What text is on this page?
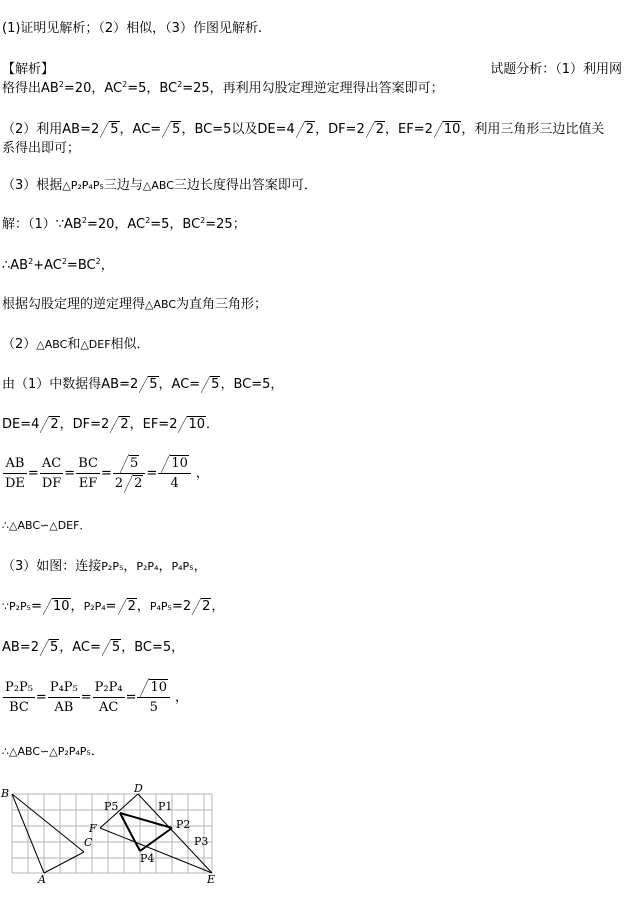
(1)证明见解析；（2）相似，（3）作图见解析.
【解析】	试题分析：（1）利用网
格得出$AB^2=20$，$AC^2=5$，$BC^2=25$，再利用勾股定理逆定理得出答案即可；
（2）利用AB=2 5，AC= 5，BC=5以及DE=4 2，DF=2 2，EF=2 10，利用三角形三边比值关
系得出即可；
（3）根据△P₂P₄P₅三边与△ABC三边长度得出答案即可．
解：$(1)\because AB^2=20$，$AC^2=5$，$BC^2=25$；
$\therefore AB^2+AC^2=BC^2$，
根据勾股定理的逆定理得△ABC为直角三角形；
（2）△ABC和△DEF相似．
由（1）中数据得AB=2 5，AC= 5，BC=5，
DE=4 2，DF=2 2，EF=2 10．
$\frac{AB}{DE} = \frac{AC}{DF} = \frac{BC}{EF} = \frac{5}{2 2} = \frac{10}{4}$ ，
∴△ABC∽△DEF．
（3）如图：连接P₂P₅，P₂P₄，P₄P₅，
∵P₂P₅= 10，P₂P₄= 2，P₄P₅=2 2，
AB=2 5，AC= 5，BC=5，
$\frac{\text{P₂P₅}}{BC} = \frac{\text{P₄P₅}}{AB} = \frac{\text{P₂P₄}}{AC} = \frac{10}{5}$ ，
∴△ABC∽△P₂P₄P₅．
B	D
P5	P1
F	P2
C	P3
P4
A	E
